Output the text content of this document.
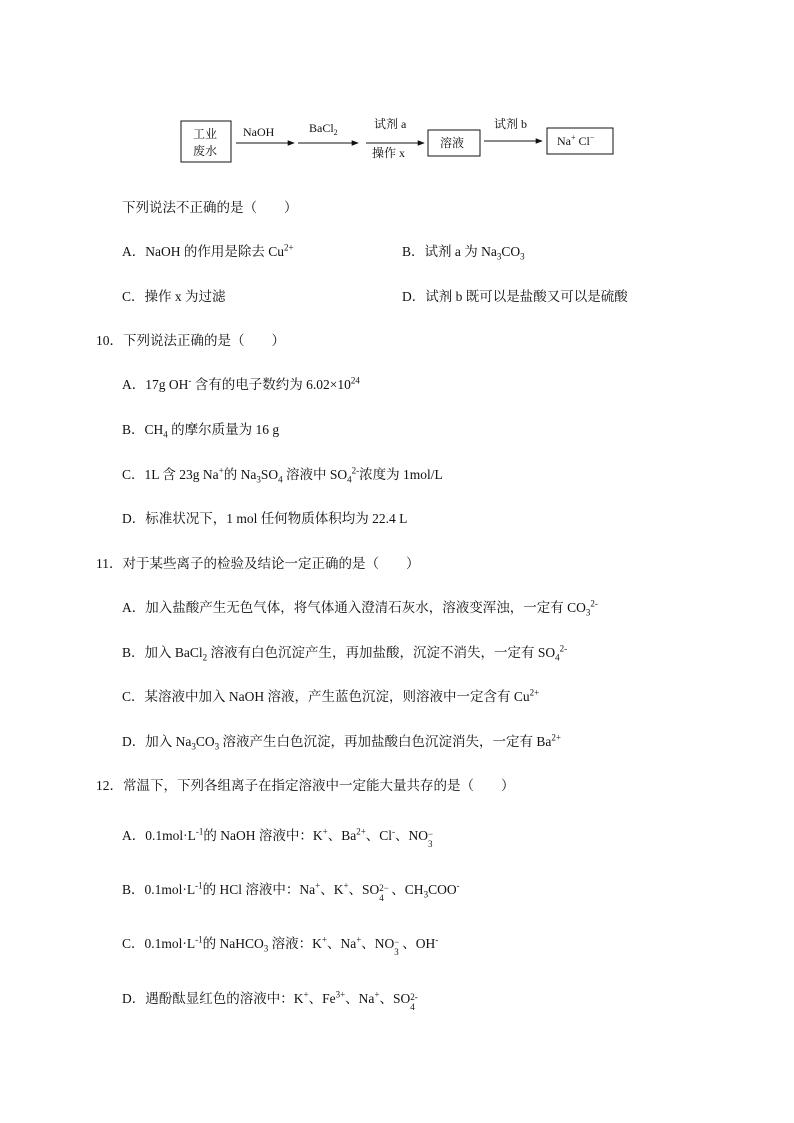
工业
废水
NaOH	BaCl$_2$
试剂 a
操作 x
溶液
试剂 b
Na+ Cl−
下列说法不正确的是（　　）
A．NaOH 的作用是除去 $Cu^{2+}$	B．试剂 a 为 $Na_3CO_3$
C．操作 x 为过滤	D．试剂 b 既可以是盐酸又可以是硫酸
10．下列说法正确的是（　　）
A．17g OH- 含有的电子数约为 $6.02\times 10^{24}$
B．$CH_4$ 的摩尔质量为 16 g
C．1L 含 23g Na+的 $Na_3SO_4$ 溶液中 $SO_4^{2-}$浓度为 1mol/L
D．标准状况下，1 mol 任何物质体积均为 22.4 L
11．对于某些离子的检验及结论一定正确的是（　　）
A．加入盐酸产生无色气体，将气体通入澄清石灰水，溶液变浑浊，一定有 $CO_3^{2-}$
B．加入 BaCl$_2$ 溶液有白色沉淀产生，再加盐酸，沉淀不消失，一定有 $SO_4^{2-}$
C．某溶液中加入 NaOH 溶液，产生蓝色沉淀，则溶液中一定含有 $Cu^{2+}$
D．加入 $Na_3CO_3$ 溶液产生白色沉淀，再加盐酸白色沉淀消失，一定有 $Ba^{2+}$
12．常温下，下列各组离子在指定溶液中一定能大量共存的是（　　）
A．$0.1mol\cdot L^{-1}$的 NaOH 溶液中：K+、$Ba^{2+}$、Cl-、NO −
3
B．$0.1mol\cdot L^{-1}$的 HCl 溶液中：Na+、K+、SO 2−
4
、$CH_3COO^-$
C．$0.1mol\cdot L^{-1}$的 NaHCO$_3$ 溶液：K+、Na+、NO −
3
、OH-
D．遇酚酞显红色的溶液中：K+、$Fe^{3+}$、Na+、SO 2-
4
